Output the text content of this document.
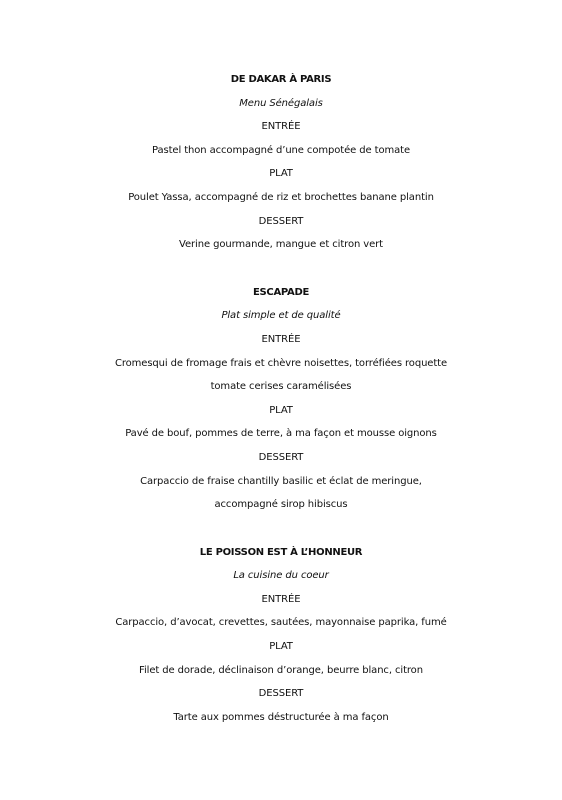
DE DAKAR À PARIS
Menu Sénégalais
ENTRÉE
Pastel thon accompagné d’une compotée de tomate
PLAT
Poulet Yassa, accompagné de riz et brochettes banane plantin
DESSERT
Verine gourmande, mangue et citron vert
ESCAPADE
Plat simple et de qualité
ENTRÉE
Cromesqui de fromage frais et chèvre noisettes, torréfiées roquette
tomate cerises caramélisées
PLAT
Pavé de bouf, pommes de terre, à ma façon et mousse oignons
DESSERT
Carpaccio de fraise chantilly basilic et éclat de meringue,
accompagné sirop hibiscus
LE POISSON EST À L’HONNEUR
La cuisine du coeur
ENTRÉE
Carpaccio, d’avocat, crevettes, sautées, mayonnaise paprika, fumé
PLAT
Filet de dorade, déclinaison d’orange, beurre blanc, citron
DESSERT
Tarte aux pommes déstructurée à ma façon
